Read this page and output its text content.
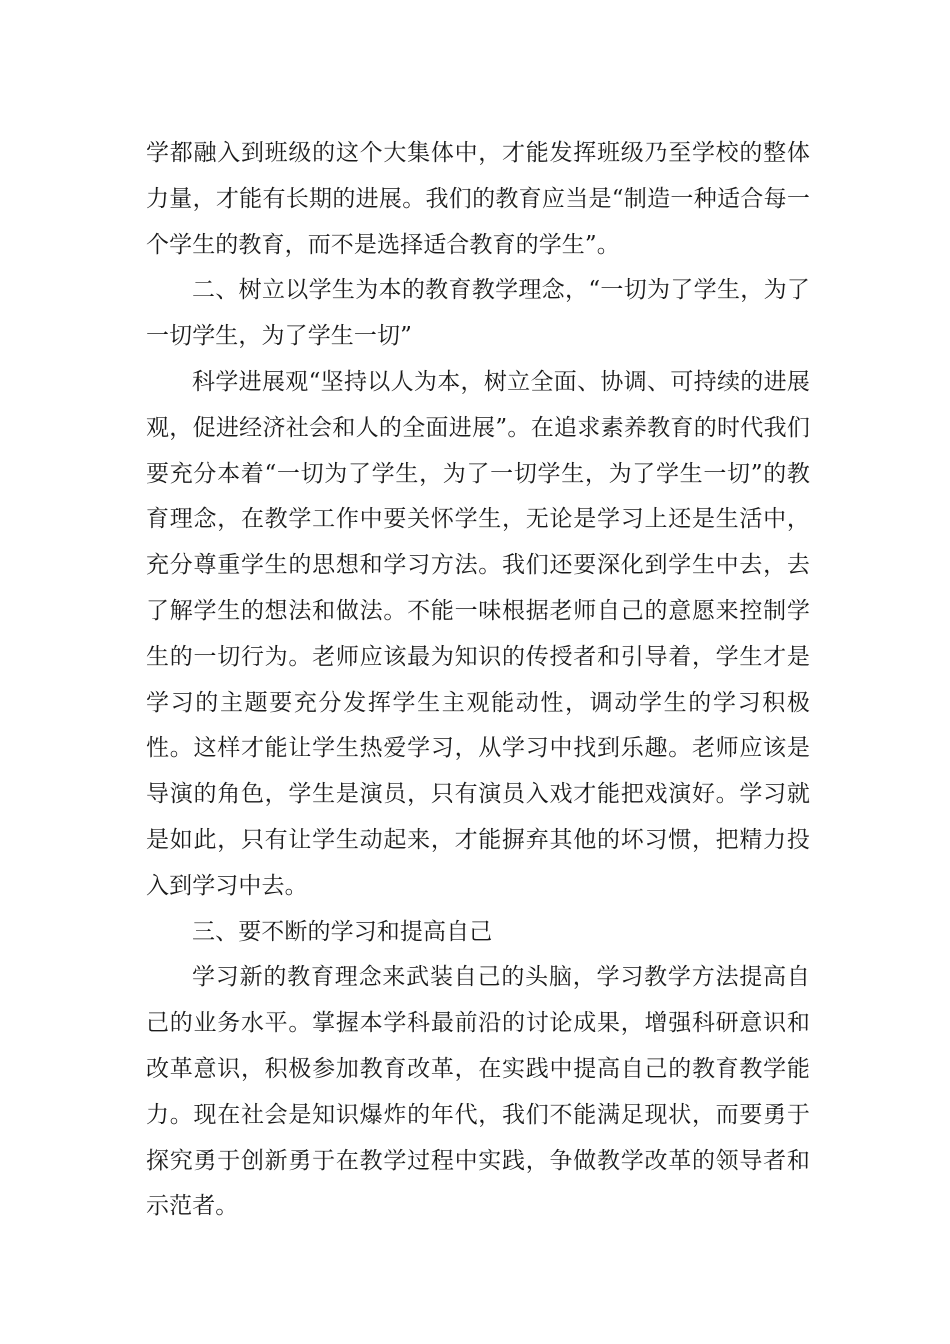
学都融入到班级的这个大集体中，才能发挥班级乃至学校的整体力量，才能有长期的进展。我们的教育应当是“制造一种适合每一个学生的教育，而不是选择适合教育的学生”。

二、树立以学生为本的教育教学理念，“一切为了学生，为了一切学生，为了学生一切”

科学进展观“坚持以人为本，树立全面、协调、可持续的进展观，促进经济社会和人的全面进展”。在追求素养教育的时代我们要充分本着“一切为了学生，为了一切学生，为了学生一切”的教育理念，在教学工作中要关怀学生，无论是学习上还是生活中，充分尊重学生的思想和学习方法。我们还要深化到学生中去，去了解学生的想法和做法。不能一味根据老师自己的意愿来控制学生的一切行为。老师应该最为知识的传授者和引导着，学生才是学习的主题要充分发挥学生主观能动性，调动学生的学习积极性。这样才能让学生热爱学习，从学习中找到乐趣。老师应该是导演的角色，学生是演员，只有演员入戏才能把戏演好。学习就是如此，只有让学生动起来，才能摒弃其他的坏习惯，把精力投入到学习中去。

三、要不断的学习和提高自己

学习新的教育理念来武装自己的头脑，学习教学方法提高自己的业务水平。掌握本学科最前沿的讨论成果，增强科研意识和改革意识，积极参加教育改革，在实践中提高自己的教育教学能力。现在社会是知识爆炸的年代，我们不能满足现状，而要勇于探究勇于创新勇于在教学过程中实践，争做教学改革的领导者和示范者。
